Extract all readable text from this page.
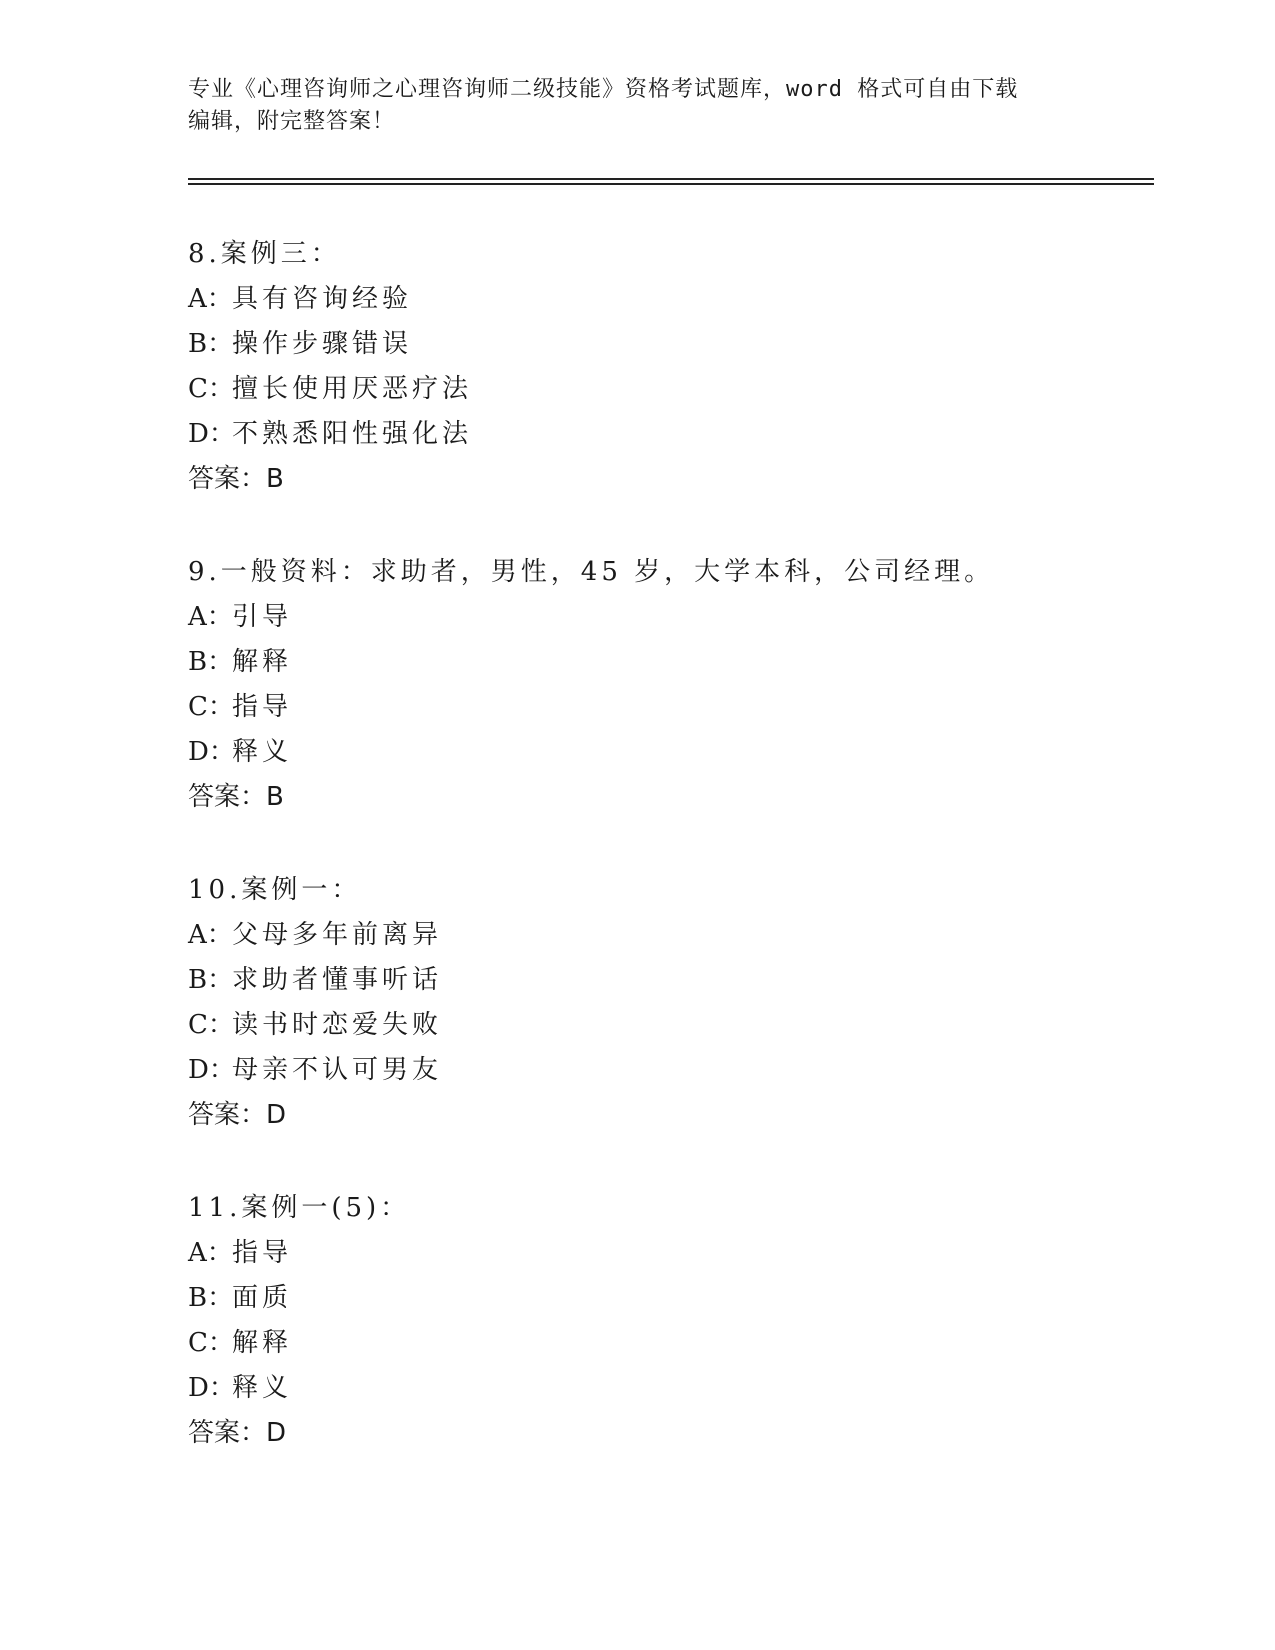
专业《心理咨询师之心理咨询师二级技能》资格考试题库，word 格式可自由下载
编辑，附完整答案！
8.案例三：
A：具有咨询经验
B：操作步骤错误
C：擅长使用厌恶疗法
D：不熟悉阳性强化法
答案：B
9.一般资料：求助者，男性，45 岁，大学本科，公司经理。
A：引导
B：解释
C：指导
D：释义
答案：B
10.案例一：
A：父母多年前离异
B：求助者懂事听话
C：读书时恋爱失败
D：母亲不认可男友
答案：D
11.案例一(5)：
A：指导
B：面质
C：解释
D：释义
答案：D
